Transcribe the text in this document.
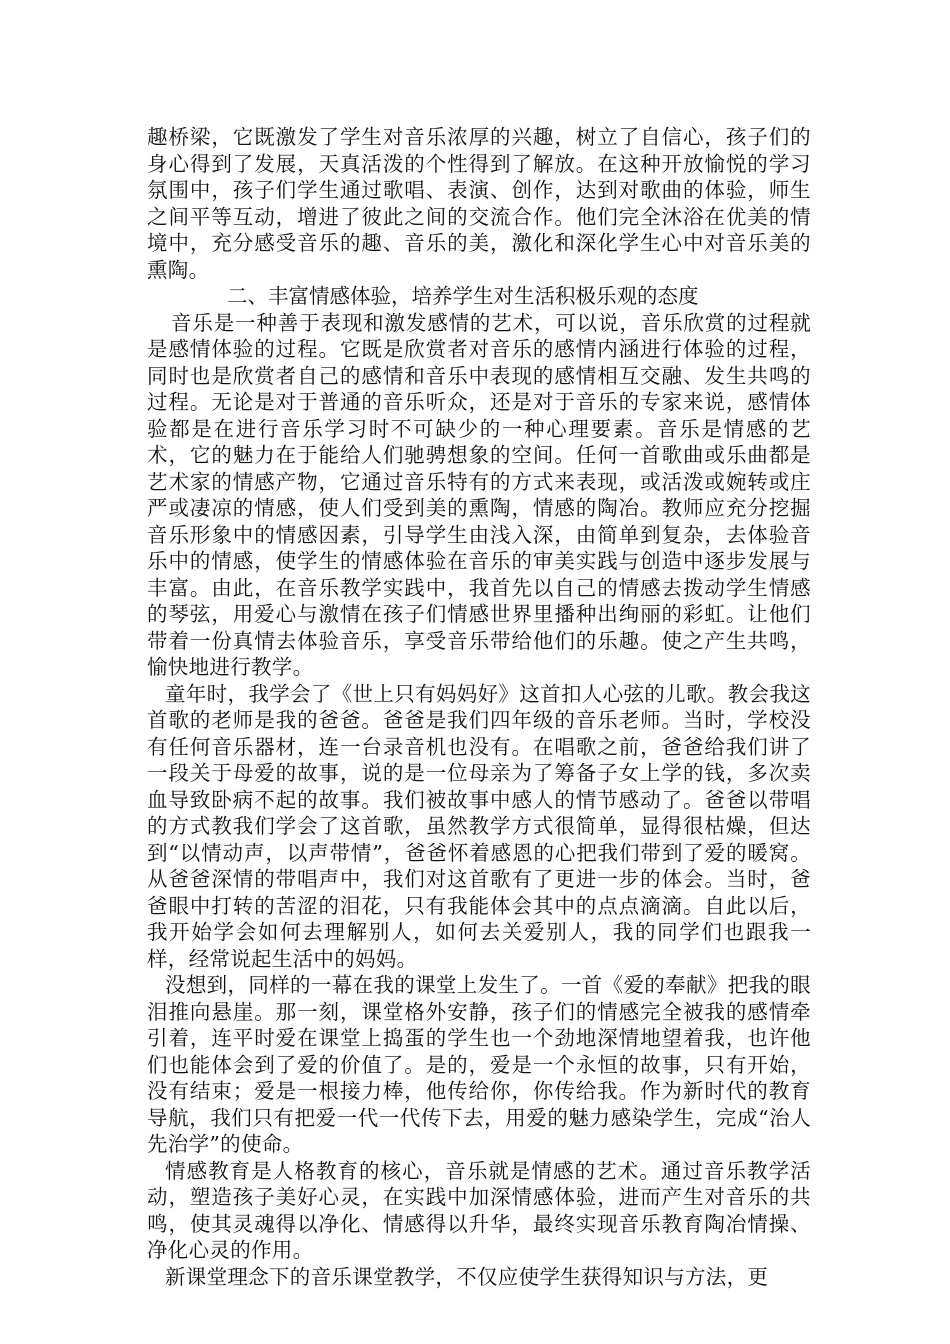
趣桥梁，它既激发了学生对音乐浓厚的兴趣，树立了自信心，孩子们的身心得到了发展，天真活泼的个性得到了解放。在这种开放愉悦的学习氛围中，孩子们学生通过歌唱、表演、创作，达到对歌曲的体验，师生之间平等互动，增进了彼此之间的交流合作。他们完全沐浴在优美的情境中，充分感受音乐的趣、音乐的美，激化和深化学生心中对音乐美的熏陶。

二、丰富情感体验，培养学生对生活积极乐观的态度

音乐是一种善于表现和激发感情的艺术，可以说，音乐欣赏的过程就是感情体验的过程。它既是欣赏者对音乐的感情内涵进行体验的过程，同时也是欣赏者自己的感情和音乐中表现的感情相互交融、发生共鸣的过程。无论是对于普通的音乐听众，还是对于音乐的专家来说，感情体验都是在进行音乐学习时不可缺少的一种心理要素。音乐是情感的艺术，它的魅力在于能给人们驰骋想象的空间。任何一首歌曲或乐曲都是艺术家的情感产物，它通过音乐特有的方式来表现，或活泼或婉转或庄严或凄凉的情感，使人们受到美的熏陶，情感的陶冶。教师应充分挖掘音乐形象中的情感因素，引导学生由浅入深，由简单到复杂，去体验音乐中的情感，使学生的情感体验在音乐的审美实践与创造中逐步发展与丰富。由此，在音乐教学实践中，我首先以自己的情感去拨动学生情感的琴弦，用爱心与激情在孩子们情感世界里播种出绚丽的彩虹。让他们带着一份真情去体验音乐，享受音乐带给他们的乐趣。使之产生共鸣，愉快地进行教学。

童年时，我学会了《世上只有妈妈好》这首扣人心弦的儿歌。教会我这首歌的老师是我的爸爸。爸爸是我们四年级的音乐老师。当时，学校没有任何音乐器材，连一台录音机也没有。在唱歌之前，爸爸给我们讲了一段关于母爱的故事，说的是一位母亲为了筹备子女上学的钱，多次卖血导致卧病不起的故事。我们被故事中感人的情节感动了。爸爸以带唱的方式教我们学会了这首歌，虽然教学方式很简单，显得很枯燥，但达到“以情动声，以声带情”，爸爸怀着感恩的心把我们带到了爱的暖窝。从爸爸深情的带唱声中，我们对这首歌有了更进一步的体会。当时，爸爸眼中打转的苦涩的泪花，只有我能体会其中的点点滴滴。自此以后，我开始学会如何去理解别人，如何去关爱别人，我的同学们也跟我一样，经常说起生活中的妈妈。

没想到，同样的一幕在我的课堂上发生了。一首《爱的奉献》把我的眼泪推向悬崖。那一刻，课堂格外安静，孩子们的情感完全被我的感情牵引着，连平时爱在课堂上捣蛋的学生也一个劲地深情地望着我，也许他们也能体会到了爱的价值了。是的，爱是一个永恒的故事，只有开始，没有结束；爱是一根接力棒，他传给你，你传给我。作为新时代的教育导航，我们只有把爱一代一代传下去，用爱的魅力感染学生，完成“治人先治学”的使命。

情感教育是人格教育的核心，音乐就是情感的艺术。通过音乐教学活动，塑造孩子美好心灵，在实践中加深情感体验，进而产生对音乐的共鸣，使其灵魂得以净化、情感得以升华，最终实现音乐教育陶冶情操、净化心灵的作用。

新课堂理念下的音乐课堂教学，不仅应使学生获得知识与方法，更
